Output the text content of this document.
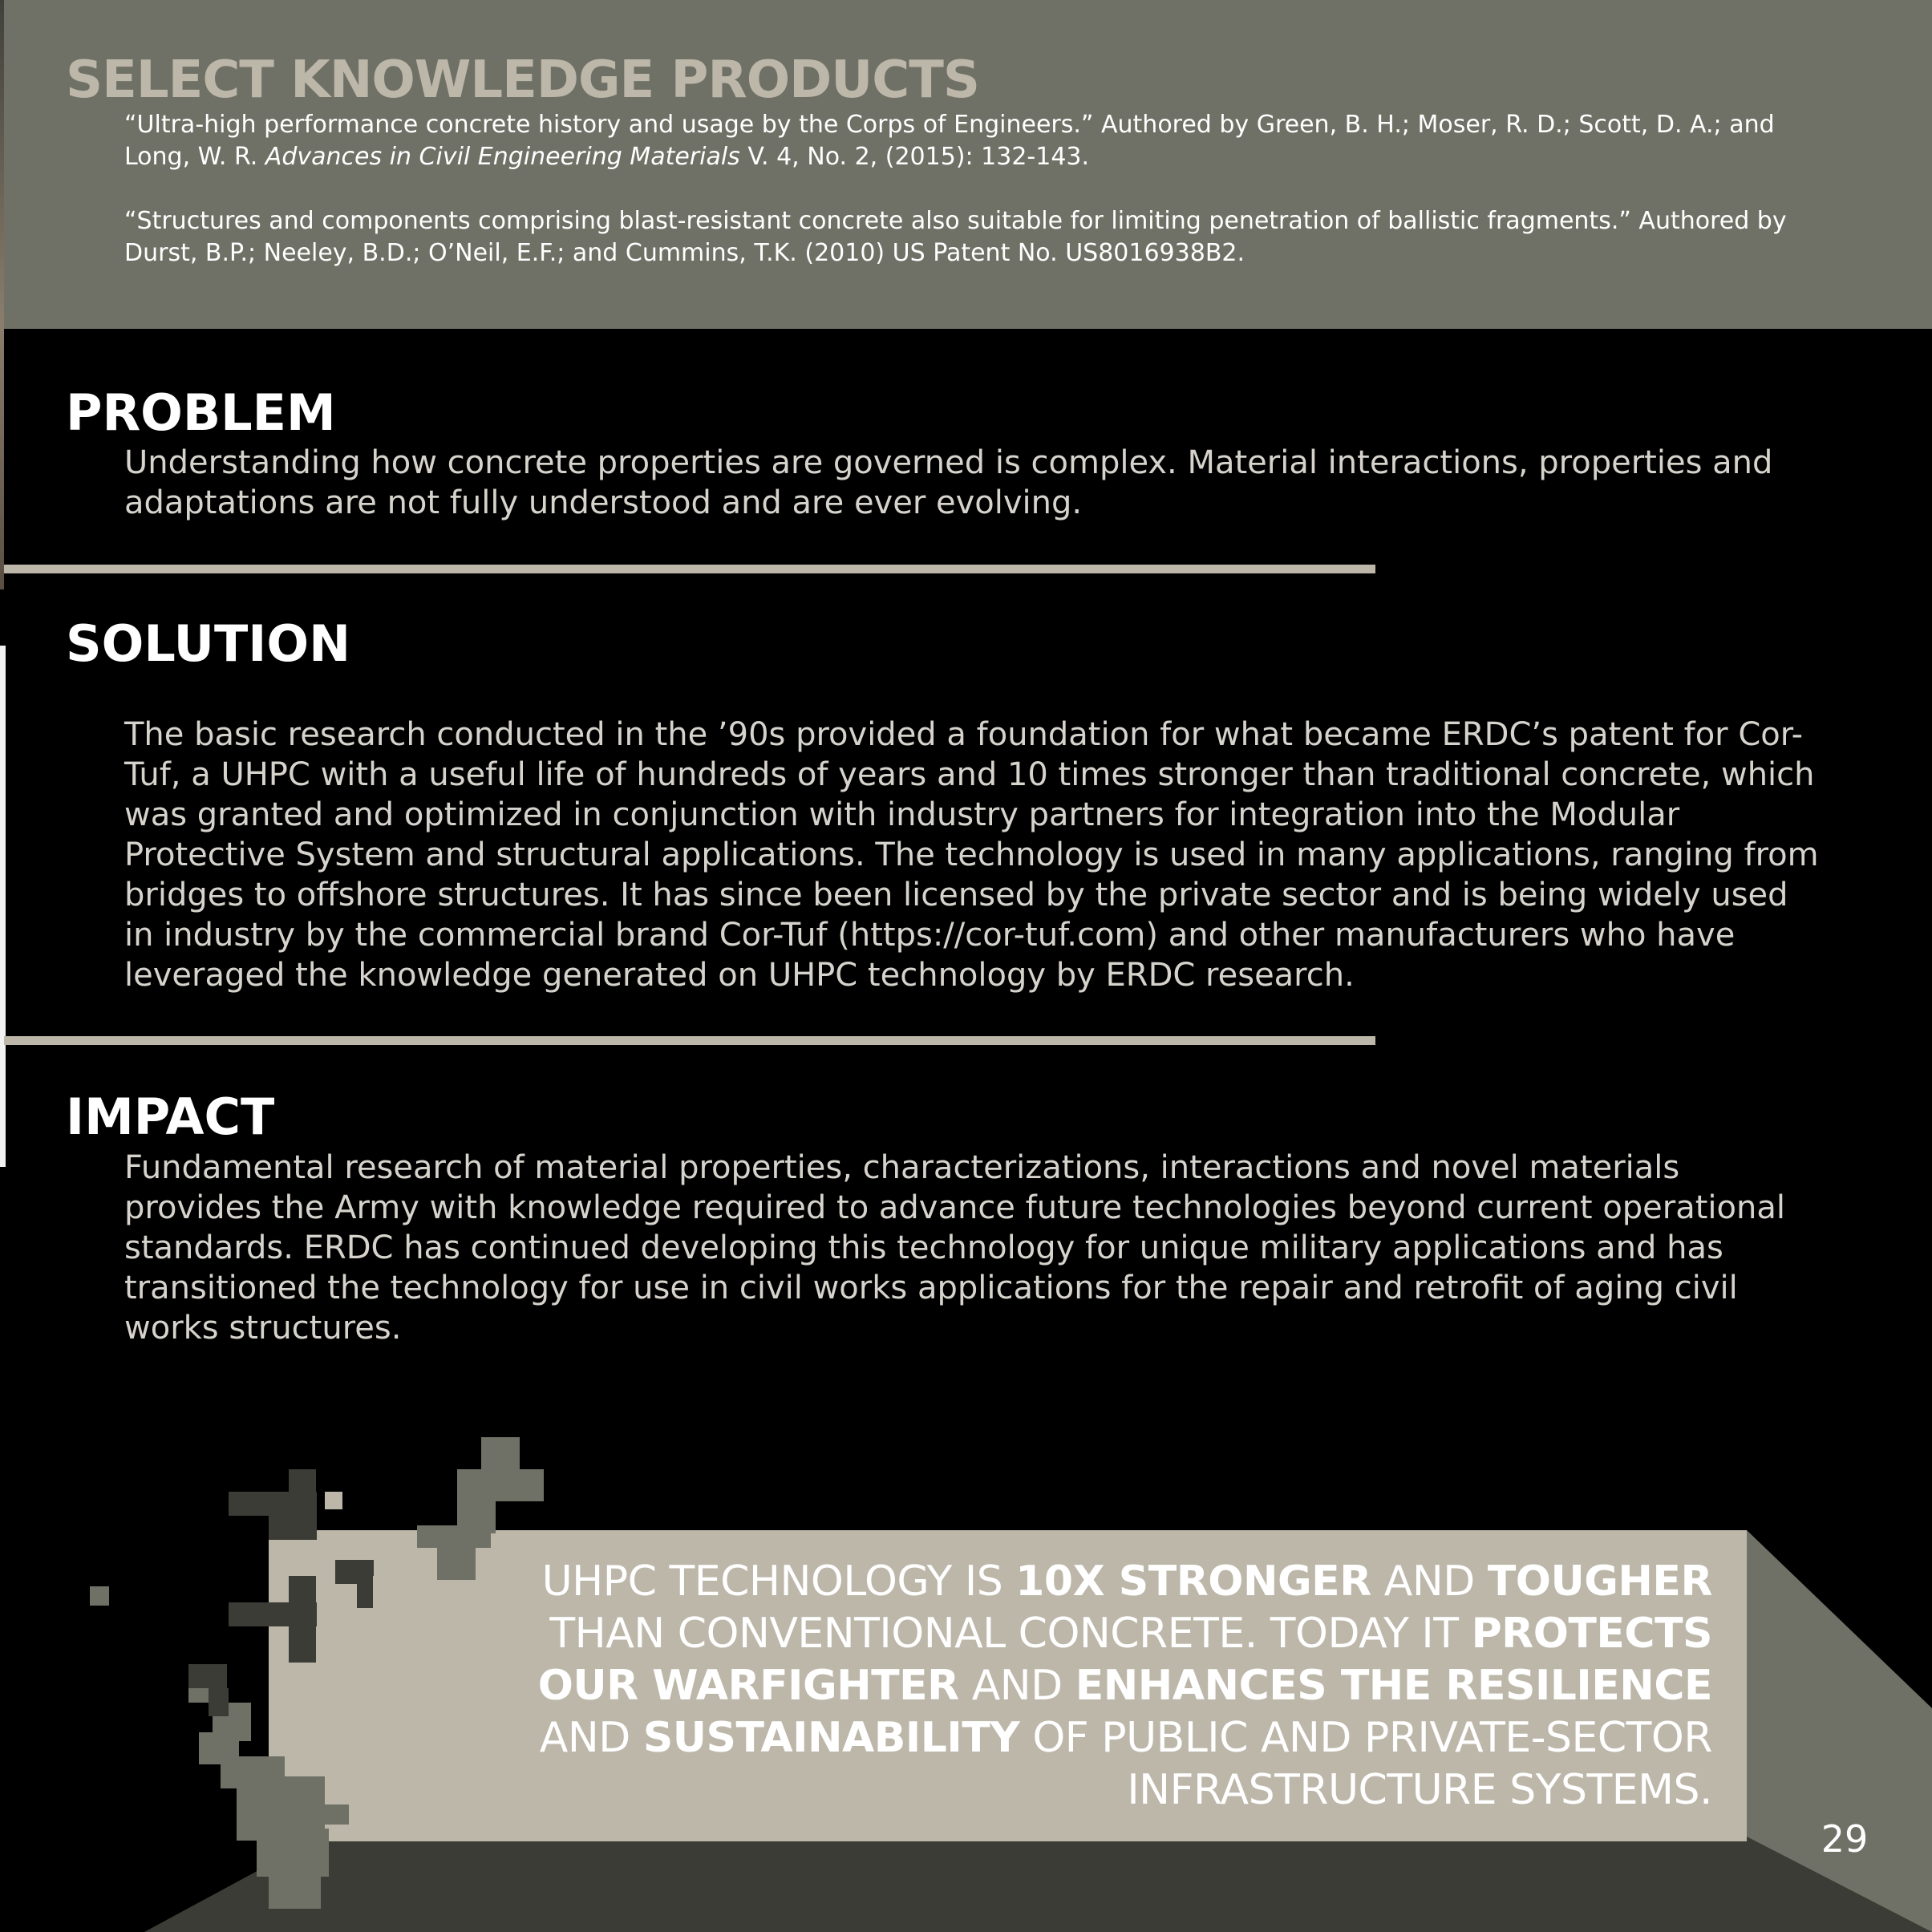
SELECT KNOWLEDGE PRODUCTS

“Ultra-high performance concrete history and usage by the Corps of Engineers.” Authored by Green, B. H.; Moser, R. D.; Scott, D. A.; and Long, W. R. Advances in Civil Engineering Materials V. 4, No. 2, (2015): 132-143.

“Structures and components comprising blast-resistant concrete also suitable for limiting penetration of ballistic fragments.” Authored by Durst, B.P.; Neeley, B.D.; O’Neil, E.F.; and Cummins, T.K. (2010) US Patent No. US8016938B2.

PROBLEM

Understanding how concrete properties are governed is complex. Material interactions, properties and adaptations are not fully understood and are ever evolving.

SOLUTION

The basic research conducted in the ’90s provided a foundation for what became ERDC’s patent for Cor-Tuf, a UHPC with a useful life of hundreds of years and 10 times stronger than traditional concrete, which was granted and optimized in conjunction with industry partners for integration into the Modular Protective System and structural applications. The technology is used in many applications, ranging from bridges to offshore structures. It has since been licensed by the private sector and is being widely used in industry by the commercial brand Cor-Tuf (https://cor-tuf.com) and other manufacturers who have leveraged the knowledge generated on UHPC technology by ERDC research.

IMPACT

Fundamental research of material properties, characterizations, interactions and novel materials provides the Army with knowledge required to advance future technologies beyond current operational standards. ERDC has continued developing this technology for unique military applications and has transitioned the technology for use in civil works applications for the repair and retrofit of aging civil works structures.

UHPC TECHNOLOGY IS 10X STRONGER AND TOUGHER THAN CONVENTIONAL CONCRETE. TODAY IT PROTECTS OUR WARFIGHTER AND ENHANCES THE RESILIENCE AND SUSTAINABILITY OF PUBLIC AND PRIVATE-SECTOR INFRASTRUCTURE SYSTEMS.

29
